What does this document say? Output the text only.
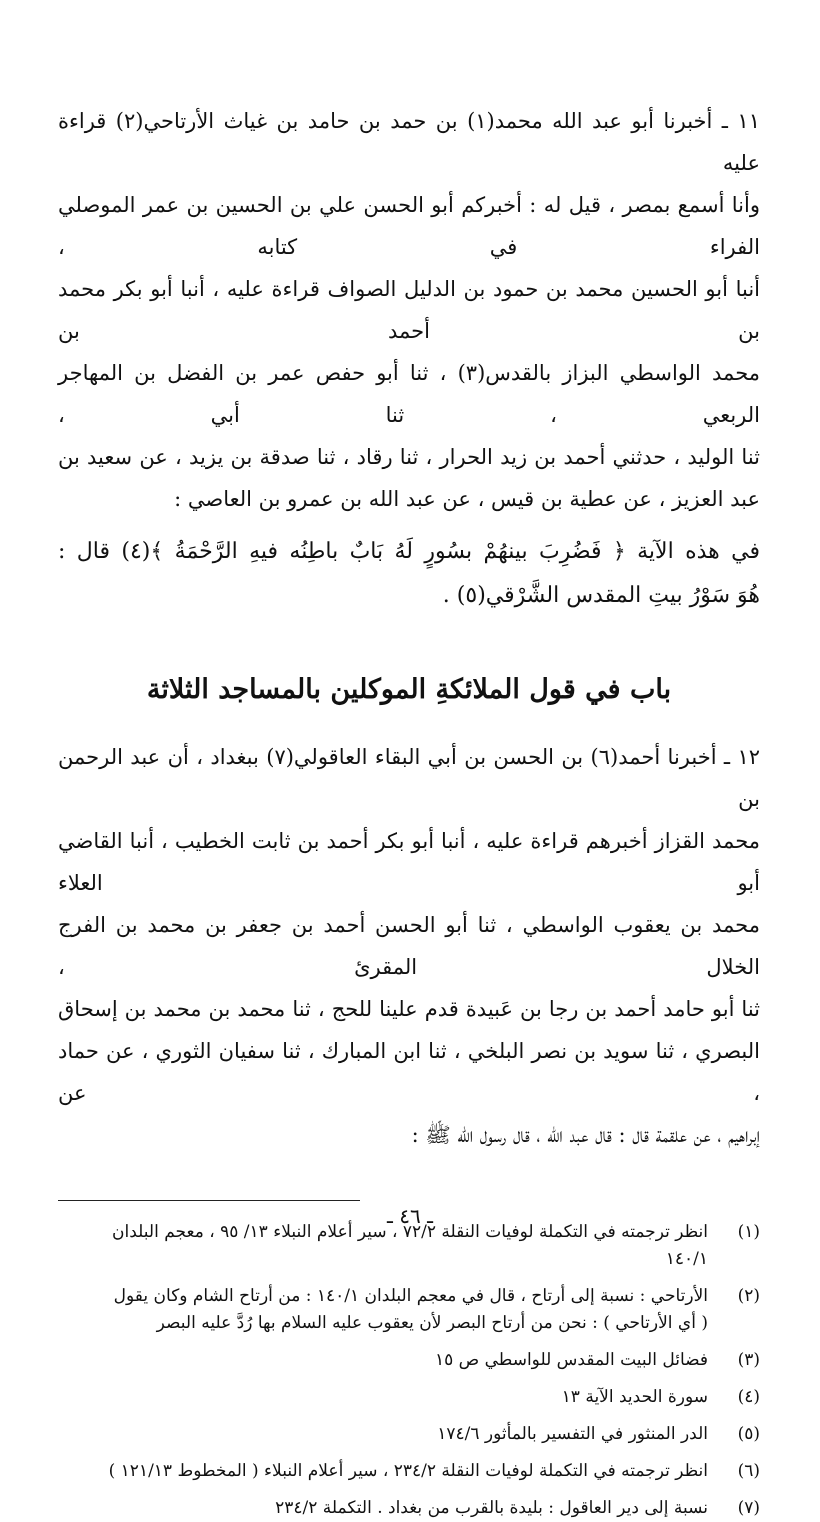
١١ ـ أخبرنا أبو عبد الله محمد(١) بن حمد بن حامد بن غياث الأرتاحي(٢) قراءة عليه
وأنا أسمع بمصر ، قيل له : أخبركم أبو الحسن علي بن الحسين بن عمر الموصلي الفراء في كتابه ،
أنبا أبو الحسين محمد بن حمود بن الدليل الصواف قراءة عليه ، أنبا أبو بكر محمد بن أحمد بن
محمد الواسطي البزاز بالقدس(٣) ، ثنا أبو حفص عمر بن الفضل بن المهاجر الربعي ، ثنا أبي ،
ثنا الوليد ، حدثني أحمد بن زيد الحرار ، ثنا رقاد ، ثنا صدقة بن يزيد ، عن سعيد بن
عبد العزيز ، عن عطية بن قيس ، عن عبد الله بن عمرو بن العاصي :
في هذه الآية ﴿ فَضُرِبَ بينهُمْ بسُورٍ لَهُ بَابٌ باطِنُه فيهِ الرَّحْمَةُ ﴾(٤) قال :
هُوَ سَوْرُ بيتِ المقدس الشَّرْقي(٥) .
باب في قول الملائكةِ الموكلين بالمساجد الثلاثة
١٢ ـ أخبرنا أحمد(٦) بن الحسن بن أبي البقاء العاقولي(٧) ببغداد ، أن عبد الرحمن بن
محمد القزاز أخبرهم قراءة عليه ، أنبا أبو بكر أحمد بن ثابت الخطيب ، أنبا القاضي أبو العلاء
محمد بن يعقوب الواسطي ، ثنا أبو الحسن أحمد بن جعفر بن محمد بن الفرج الخلال المقرئ ،
ثنا أبو حامد أحمد بن رجا بن عَبيدة قدم علينا للحج ، ثنا محمد بن محمد بن إسحاق
البصري ، ثنا سويد بن نصر البلخي ، ثنا ابن المبارك ، ثنا سفيان الثوري ، عن حماد ، عن
إبراهيم ، عن علقمة قال : قال عبد الله ، قال رسول الله ﷺ :
(١)
انظر ترجمته في التكملة لوفيات النقلة ٧٢/٢ ، سير أعلام النبلاء ١٣/ ٩٥ ، معجم البلدان
١٤٠/١
(٢)
الأرتاحي : نسبة إلى أرتاح ، قال في معجم البلدان ١٤٠/١ : من أرتاح الشام وكان يقول
( أي الأرتاحي ) : نحن من أرتاح البصر لأن يعقوب عليه السلام بها رُدَّ عليه البصر
(٣)
فضائل البيت المقدس للواسطي ص ١٥
(٤)
سورة الحديد الآية ١٣
(٥)
الدر المنثور في التفسير بالمأثور ١٧٤/٦
(٦)
انظر ترجمته في التكملة لوفيات النقلة ٢٣٤/٢ ، سير أعلام النبلاء ( المخطوط ١٢١/١٣ )
(٧)
نسبة إلى دير العاقول : بليدة بالقرب من بغداد . التكملة ٢٣٤/٢
ـ ٤٦ ـ
